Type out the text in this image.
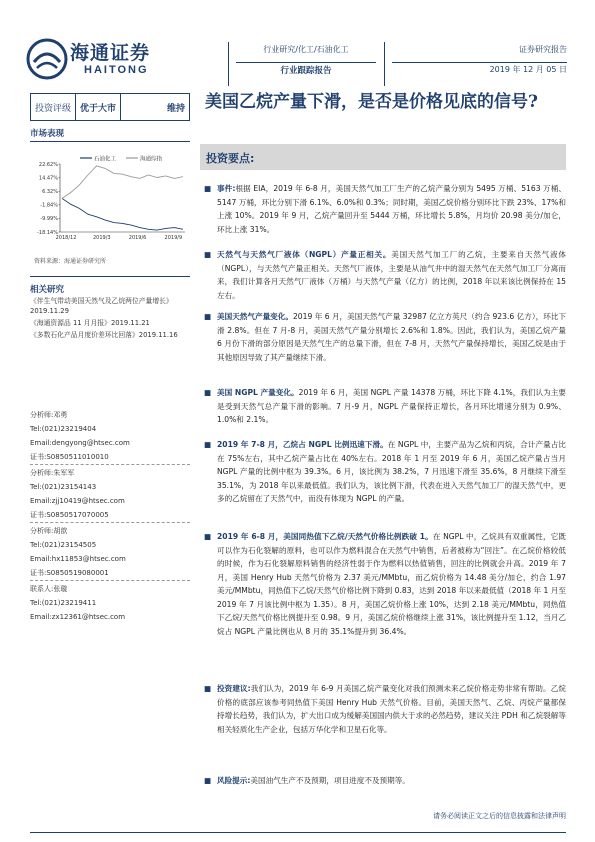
海通证券
HAITONG
行业研究/化工/石油化工
行业跟踪报告
证券研究报告
2019 年 12 月 05 日
投资评级	优于大市	维持
市场表现
石油化工	海通综指
22.62%
14.47%
6.32%
-1.84%
-9.99%
-18.14%
2018/12	2019/3	2019/6	2019/9
资料来源：海通证券研究所
相关研究
《伴生气带动美国天然气及乙烷两位产量增长》2019.11.29
《海通资源品 11 月月报》2019.11.21
《多数石化产品月度价差环比回落》2019.11.16
分析师:邓勇
Tel:(021)23219404
Email:dengyong@htsec.com
证书:S0850511010010
分析师:朱军军
Tel:(021)23154143
Email:zjj10419@htsec.com
证书:S0850517070005
分析师:胡歆
Tel:(021)23154505
Email:hx11853@htsec.com
证书:S0850519080001
联系人:张璇
Tel:(021)23219411
Email:zx12361@htsec.com
美国乙烷产量下滑，是否是价格见底的信号?
投资要点:
■ 事件:根据 EIA，2019 年 6-8 月，美国天然气加工厂生产的乙烷产量分别为 5495 万桶、5163 万桶、5147 万桶，环比分别下滑 6.1%、6.0%和 0.3%；同时期，美国乙烷价格分别环比下跌 23%、17%和上涨 10%。2019 年 9 月，乙烷产量回升至 5444 万桶，环比增长 5.8%，月均价 20.98 美分/加仑，环比上涨 31%。
■ 天然气与天然气厂液体（NGPL）产量正相关。美国天然气加工厂的乙烷，主要来自天然气液体（NGPL），与天然气产量正相关。天然气厂液体，主要是从油气井中的湿天然气在天然气加工厂分离而来，我们计算各月天然气厂液体（万桶）与天然气产量（亿方）的比例，2018 年以来该比例保持在 15 左右。
■ 美国天然气产量变化。2019 年 6 月，美国天然气产量 32987 亿立方英尺（约合 923.6 亿方），环比下滑 2.8%。但在 7 月-8 月，美国天然气产量分别增长 2.6%和 1.8%。因此，我们认为，美国乙烷产量 6 月份下滑的部分原因是天然气生产的总量下滑，但在 7-8 月，天然气产量保持增长，美国乙烷是由于其他原因导致了其产量继续下滑。
■ 美国 NGPL 产量变化。2019 年 6 月，美国 NGPL 产量 14378 万桶，环比下降 4.1%，我们认为主要是受到天然气总产量下滑的影响。7 月-9 月，NGPL 产量保持正增长，各月环比增速分别为 0.9%、1.0%和 2.1%。
■ 2019 年 7-8 月，乙烷占 NGPL 比例迅速下滑。在 NGPL 中，主要产品为乙烷和丙烷，合计产量占比在 75%左右，其中乙烷产量占比在 40%左右。2018 年 1 月至 2019 年 6 月，美国乙烷产量占当月 NGPL 产量的比例中枢为 39.3%。6 月，该比例为 38.2%，7 月迅速下滑至 35.6%，8 月继续下滑至 35.1%，为 2018 年以来最低值。我们认为，该比例下滑，代表在进入天然气加工厂的湿天然气中，更多的乙烷留在了天然气中，而没有体现为 NGPL 的产量。
■ 2019 年 6-8 月，美国同热值下乙烷/天然气价格比例跌破 1。在 NGPL 中，乙烷具有双重属性，它既可以作为石化裂解的原料，也可以作为燃料混合在天然气中销售，后者被称为“回注”。在乙烷价格较低的时候，作为石化裂解原料销售的经济性弱于作为燃料以热值销售，回注的比例就会升高。2019 年 7 月，美国 Henry Hub 天然气价格为 2.37 美元/MMbtu，而乙烷价格为 14.48 美分/加仑，约合 1.97 美元/MMbtu，同热值下乙烷/天然气价格比例下降到 0.83，达到 2018 年以来最低值（2018 年 1 月至 2019 年 7 月该比例中枢为 1.35）。8 月，美国乙烷价格上涨 10%，达到 2.18 美元/MMbtu，同热值下乙烷/天然气价格比例提升至 0.98。9 月，美国乙烷价格继续上涨 31%，该比例提升至 1.12，当月乙烷占 NGPL 产量比例也从 8 月的 35.1%提升到 36.4%。
■ 投资建议:我们认为，2019 年 6-9 月美国乙烷产量变化对我们预测未来乙烷价格走势非常有帮助。乙烷价格的底部应该参考同热值下美国 Henry Hub 天然气价格。目前，美国天然气、乙烷、丙烷产量都保持增长趋势，我们认为，扩大出口成为缓解美国国内供大于求的必然趋势，建议关注 PDH 和乙烷裂解等相关轻质化生产企业，包括万华化学和卫星石化等。
■ 风险提示:美国油气生产不及预期，项目进度不及预期等。
请务必阅读正文之后的信息披露和法律声明
